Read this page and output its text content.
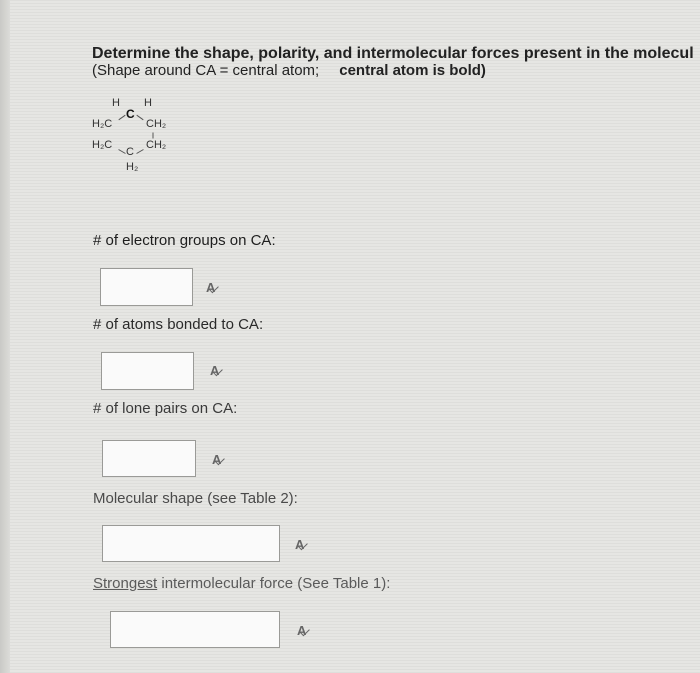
Determine the shape, polarity, and intermolecular forces present in the molecul
(Shape around CA = central atom; central atom is bold)
H H
C
H₂C	CH₂
H₂C
C
CH₂
H₂
# of electron groups on CA:
A
# of atoms bonded to CA:
A
# of lone pairs on CA:
A
Molecular shape (see Table 2):
A
Strongest intermolecular force (See Table 1):
A
